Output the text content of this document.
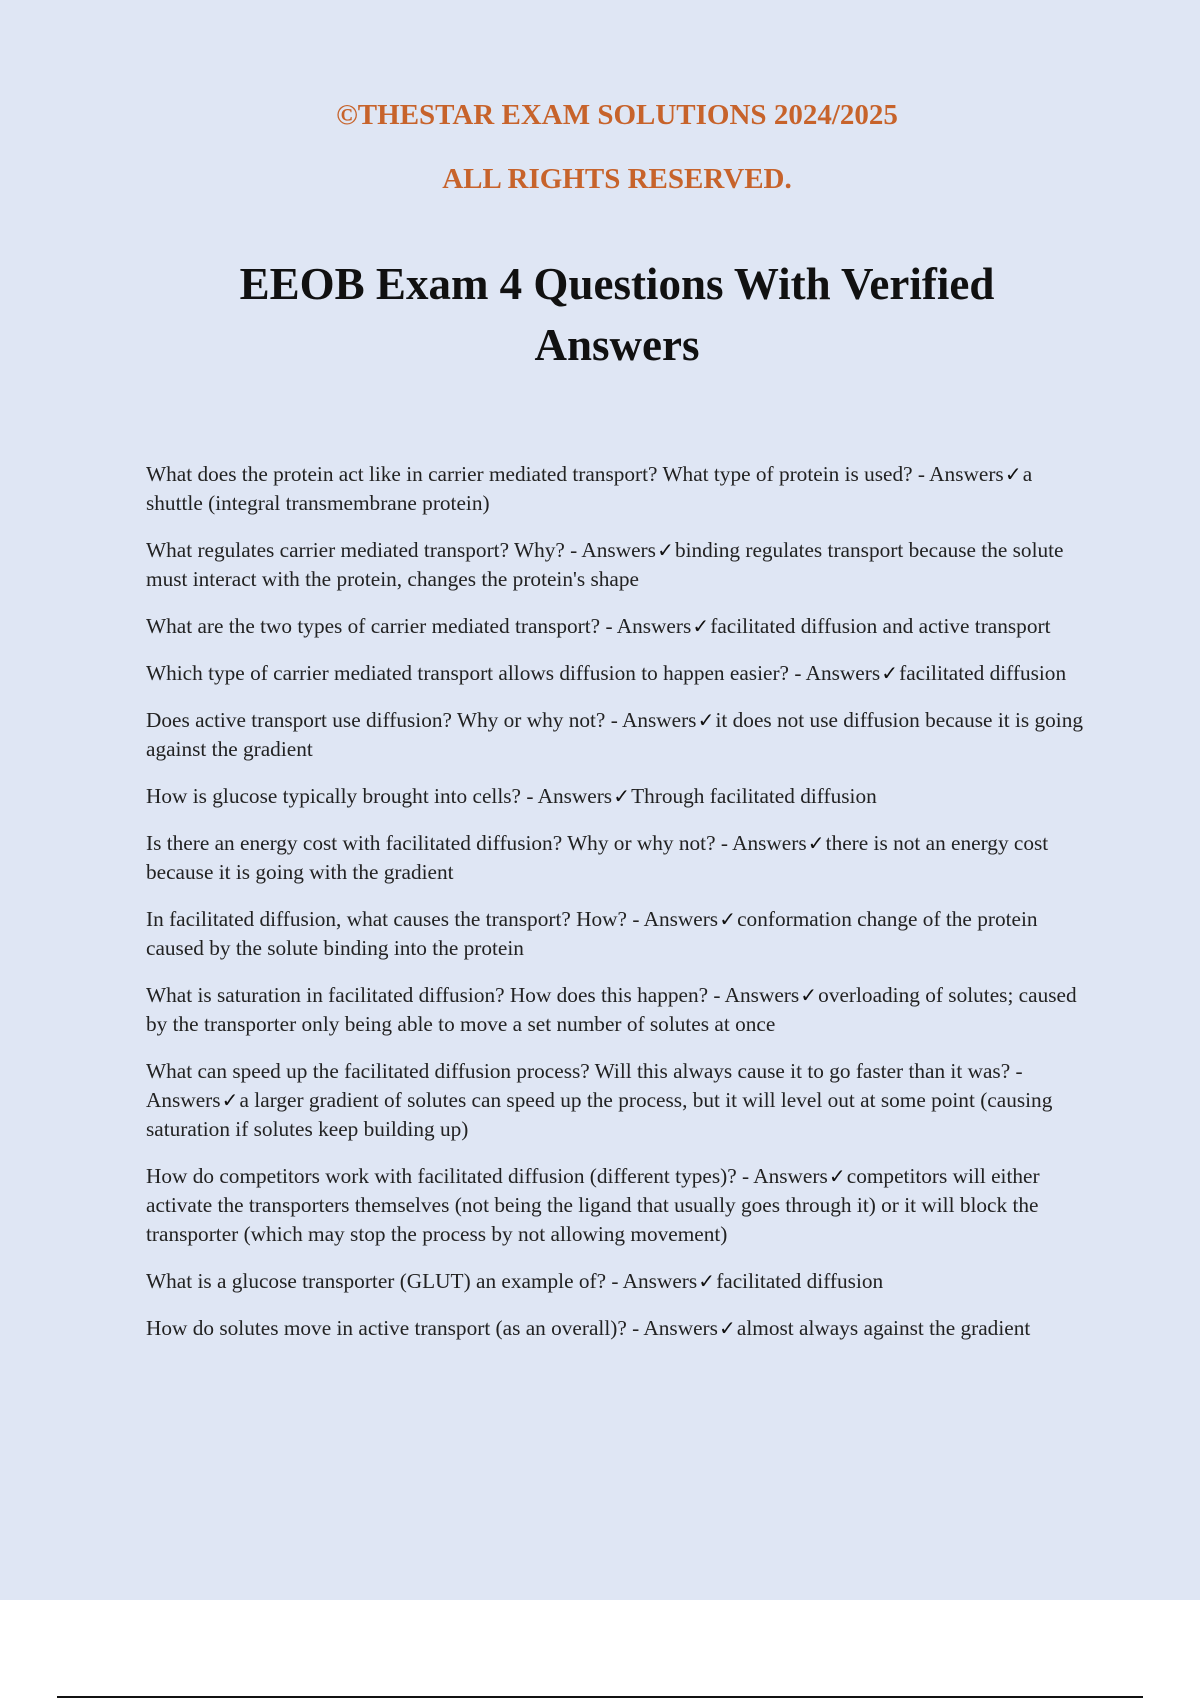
©THESTAR EXAM SOLUTIONS 2024/2025

ALL RIGHTS RESERVED.

EEOB Exam 4 Questions With Verified Answers
What does the protein act like in carrier mediated transport? What type of protein is used? - Answers✓a shuttle (integral transmembrane protein)
What regulates carrier mediated transport? Why? - Answers✓binding regulates transport because the solute must interact with the protein, changes the protein's shape
What are the two types of carrier mediated transport? - Answers✓facilitated diffusion and active transport
Which type of carrier mediated transport allows diffusion to happen easier? - Answers✓facilitated diffusion
Does active transport use diffusion? Why or why not? - Answers✓it does not use diffusion because it is going against the gradient
How is glucose typically brought into cells? - Answers✓Through facilitated diffusion
Is there an energy cost with facilitated diffusion? Why or why not? - Answers✓there is not an energy cost because it is going with the gradient
In facilitated diffusion, what causes the transport? How? - Answers✓conformation change of the protein caused by the solute binding into the protein
What is saturation in facilitated diffusion? How does this happen? - Answers✓overloading of solutes; caused by the transporter only being able to move a set number of solutes at once
What can speed up the facilitated diffusion process? Will this always cause it to go faster than it was? - Answers✓a larger gradient of solutes can speed up the process, but it will level out at some point (causing saturation if solutes keep building up)
How do competitors work with facilitated diffusion (different types)? - Answers✓competitors will either activate the transporters themselves (not being the ligand that usually goes through it) or it will block the transporter (which may stop the process by not allowing movement)
What is a glucose transporter (GLUT) an example of? - Answers✓facilitated diffusion
How do solutes move in active transport (as an overall)? - Answers✓almost always against the gradient
